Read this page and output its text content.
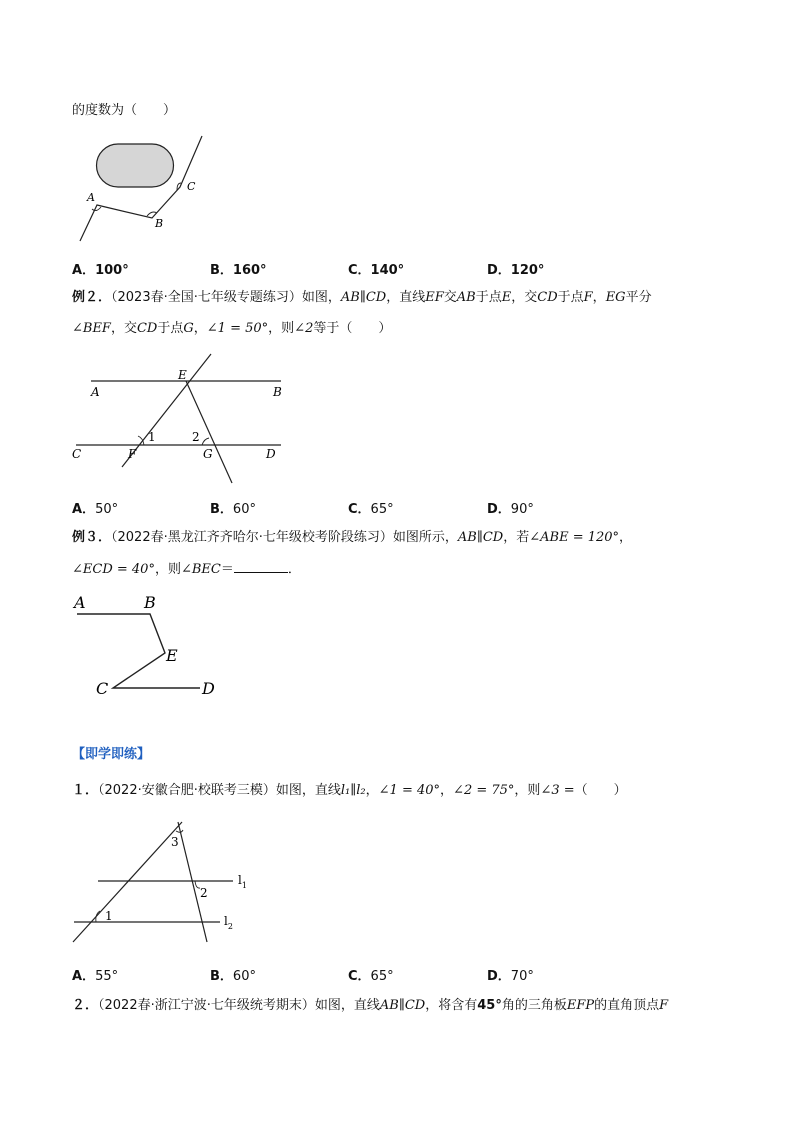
的度数为（　　）
A
B
C
A．100°	B．160°	C．140°	D．120°
例２．（2023春·全国·七年级专题练习）如图，AB∥CD，直线EF交AB于点E，交CD于点F，EG平分
∠BEF，交CD于点G，∠1 = 50°，则∠2等于（　　）
E
A	B
C	F	G	D
1	2
A．50°	B．60°	C．65°	D．90°
例３．（2022春·黑龙江齐齐哈尔·七年级校考阶段练习）如图所示，AB∥CD，若∠ABE = 120°，
∠ECD = 40°，则∠BEC＝	．
A	B
E
C	D
【即学即练】
１．（2022·安徽合肥·校联考三模）如图，直线l₁∥l₂，∠1 = 40°，∠2 = 75°，则∠3 =（　　）
3
2
1
$l_1$
$l_2$
A．55°	B．60°	C．65°	D．70°
２．（2022春·浙江宁波·七年级统考期末）如图，直线AB∥CD，将含有45°角的三角板EFP的直角顶点F
